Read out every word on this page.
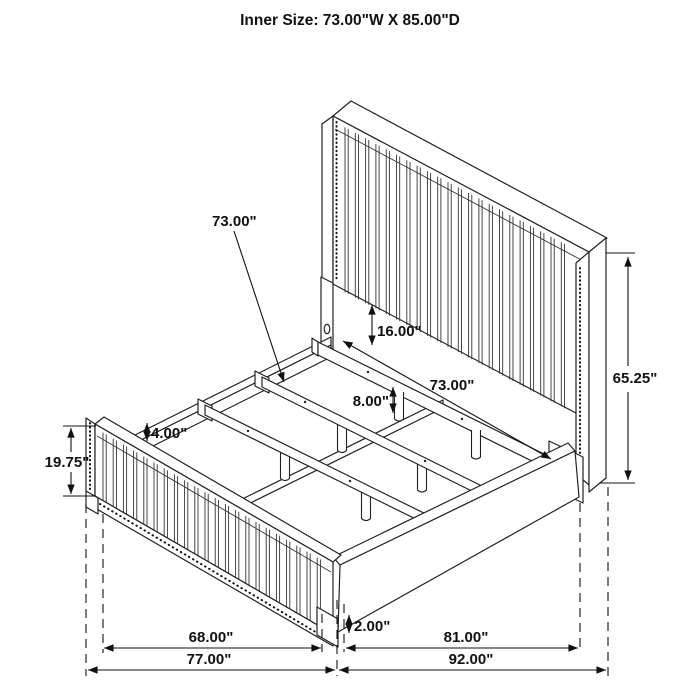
Inner Size: 73.00"W X 85.00"D
73.00"
16.00"
73.00"
8.00"
4.00"
65.25"
19.75"
68.00"
77.00"
2.00"
81.00"
92.00"
